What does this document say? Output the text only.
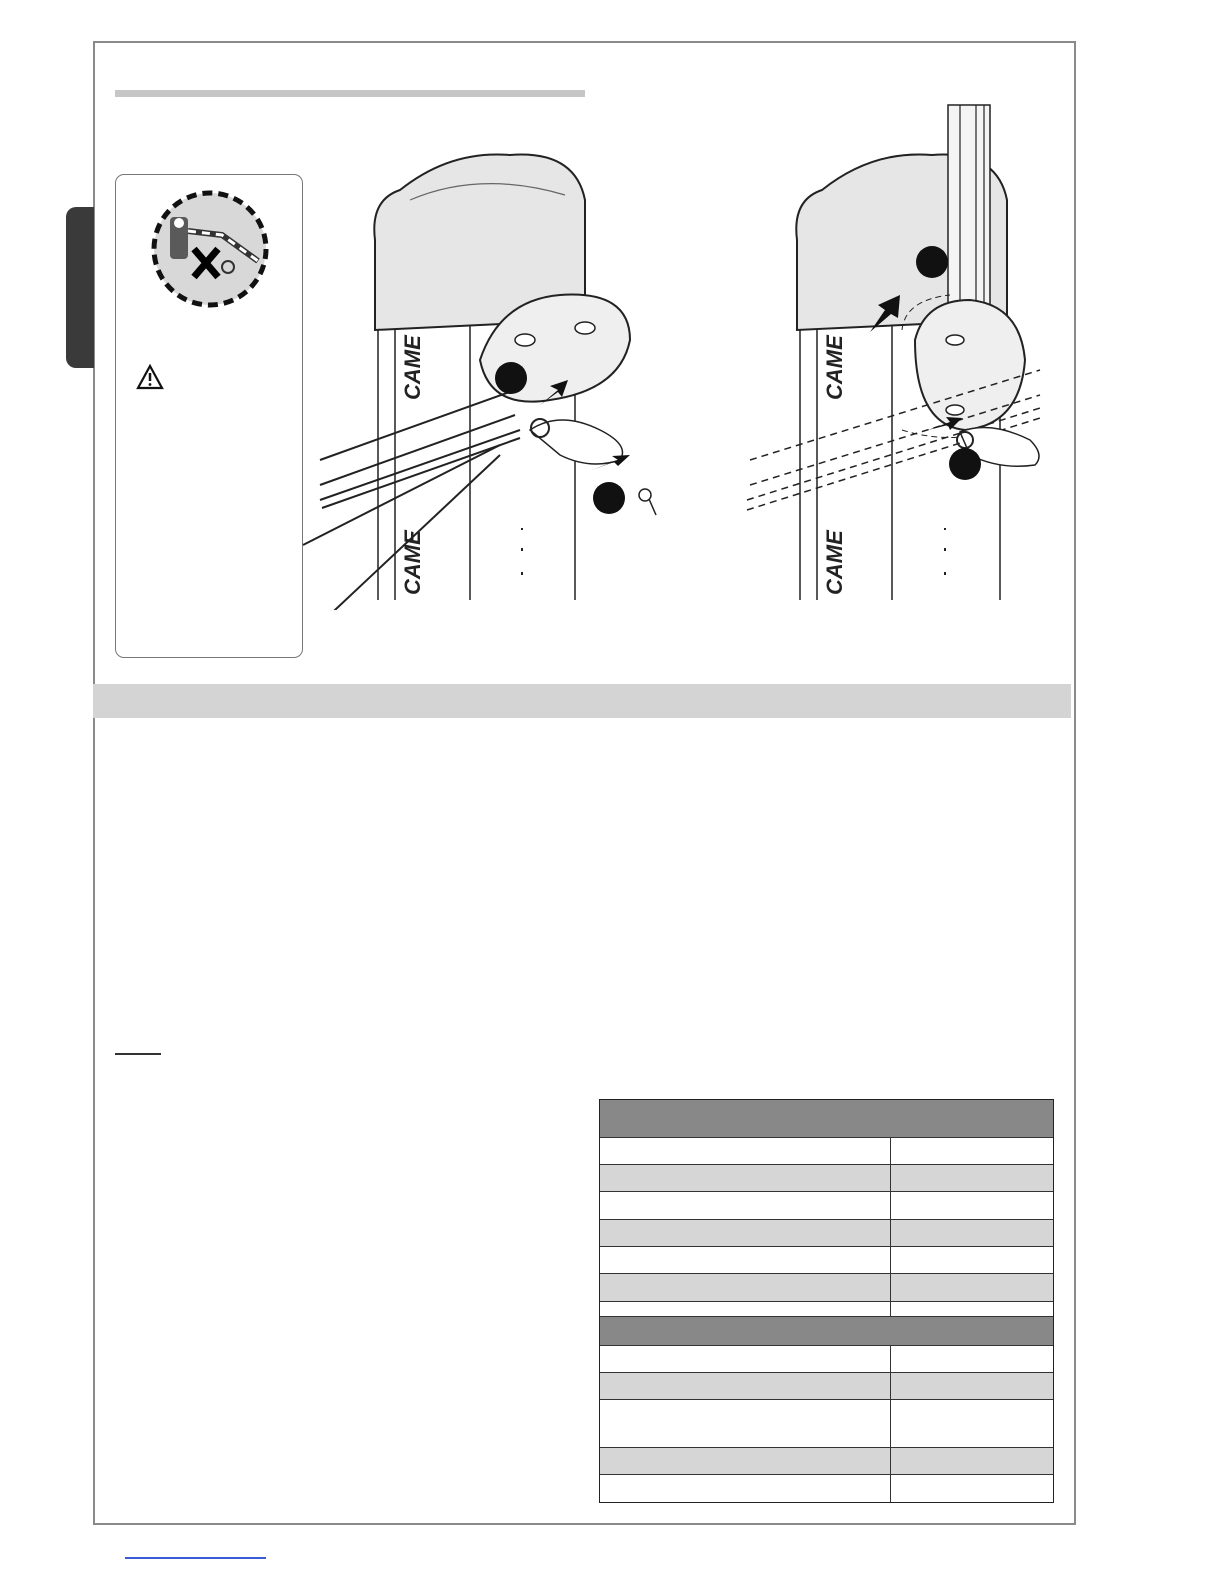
CAME
CAME
CAME
CAME
